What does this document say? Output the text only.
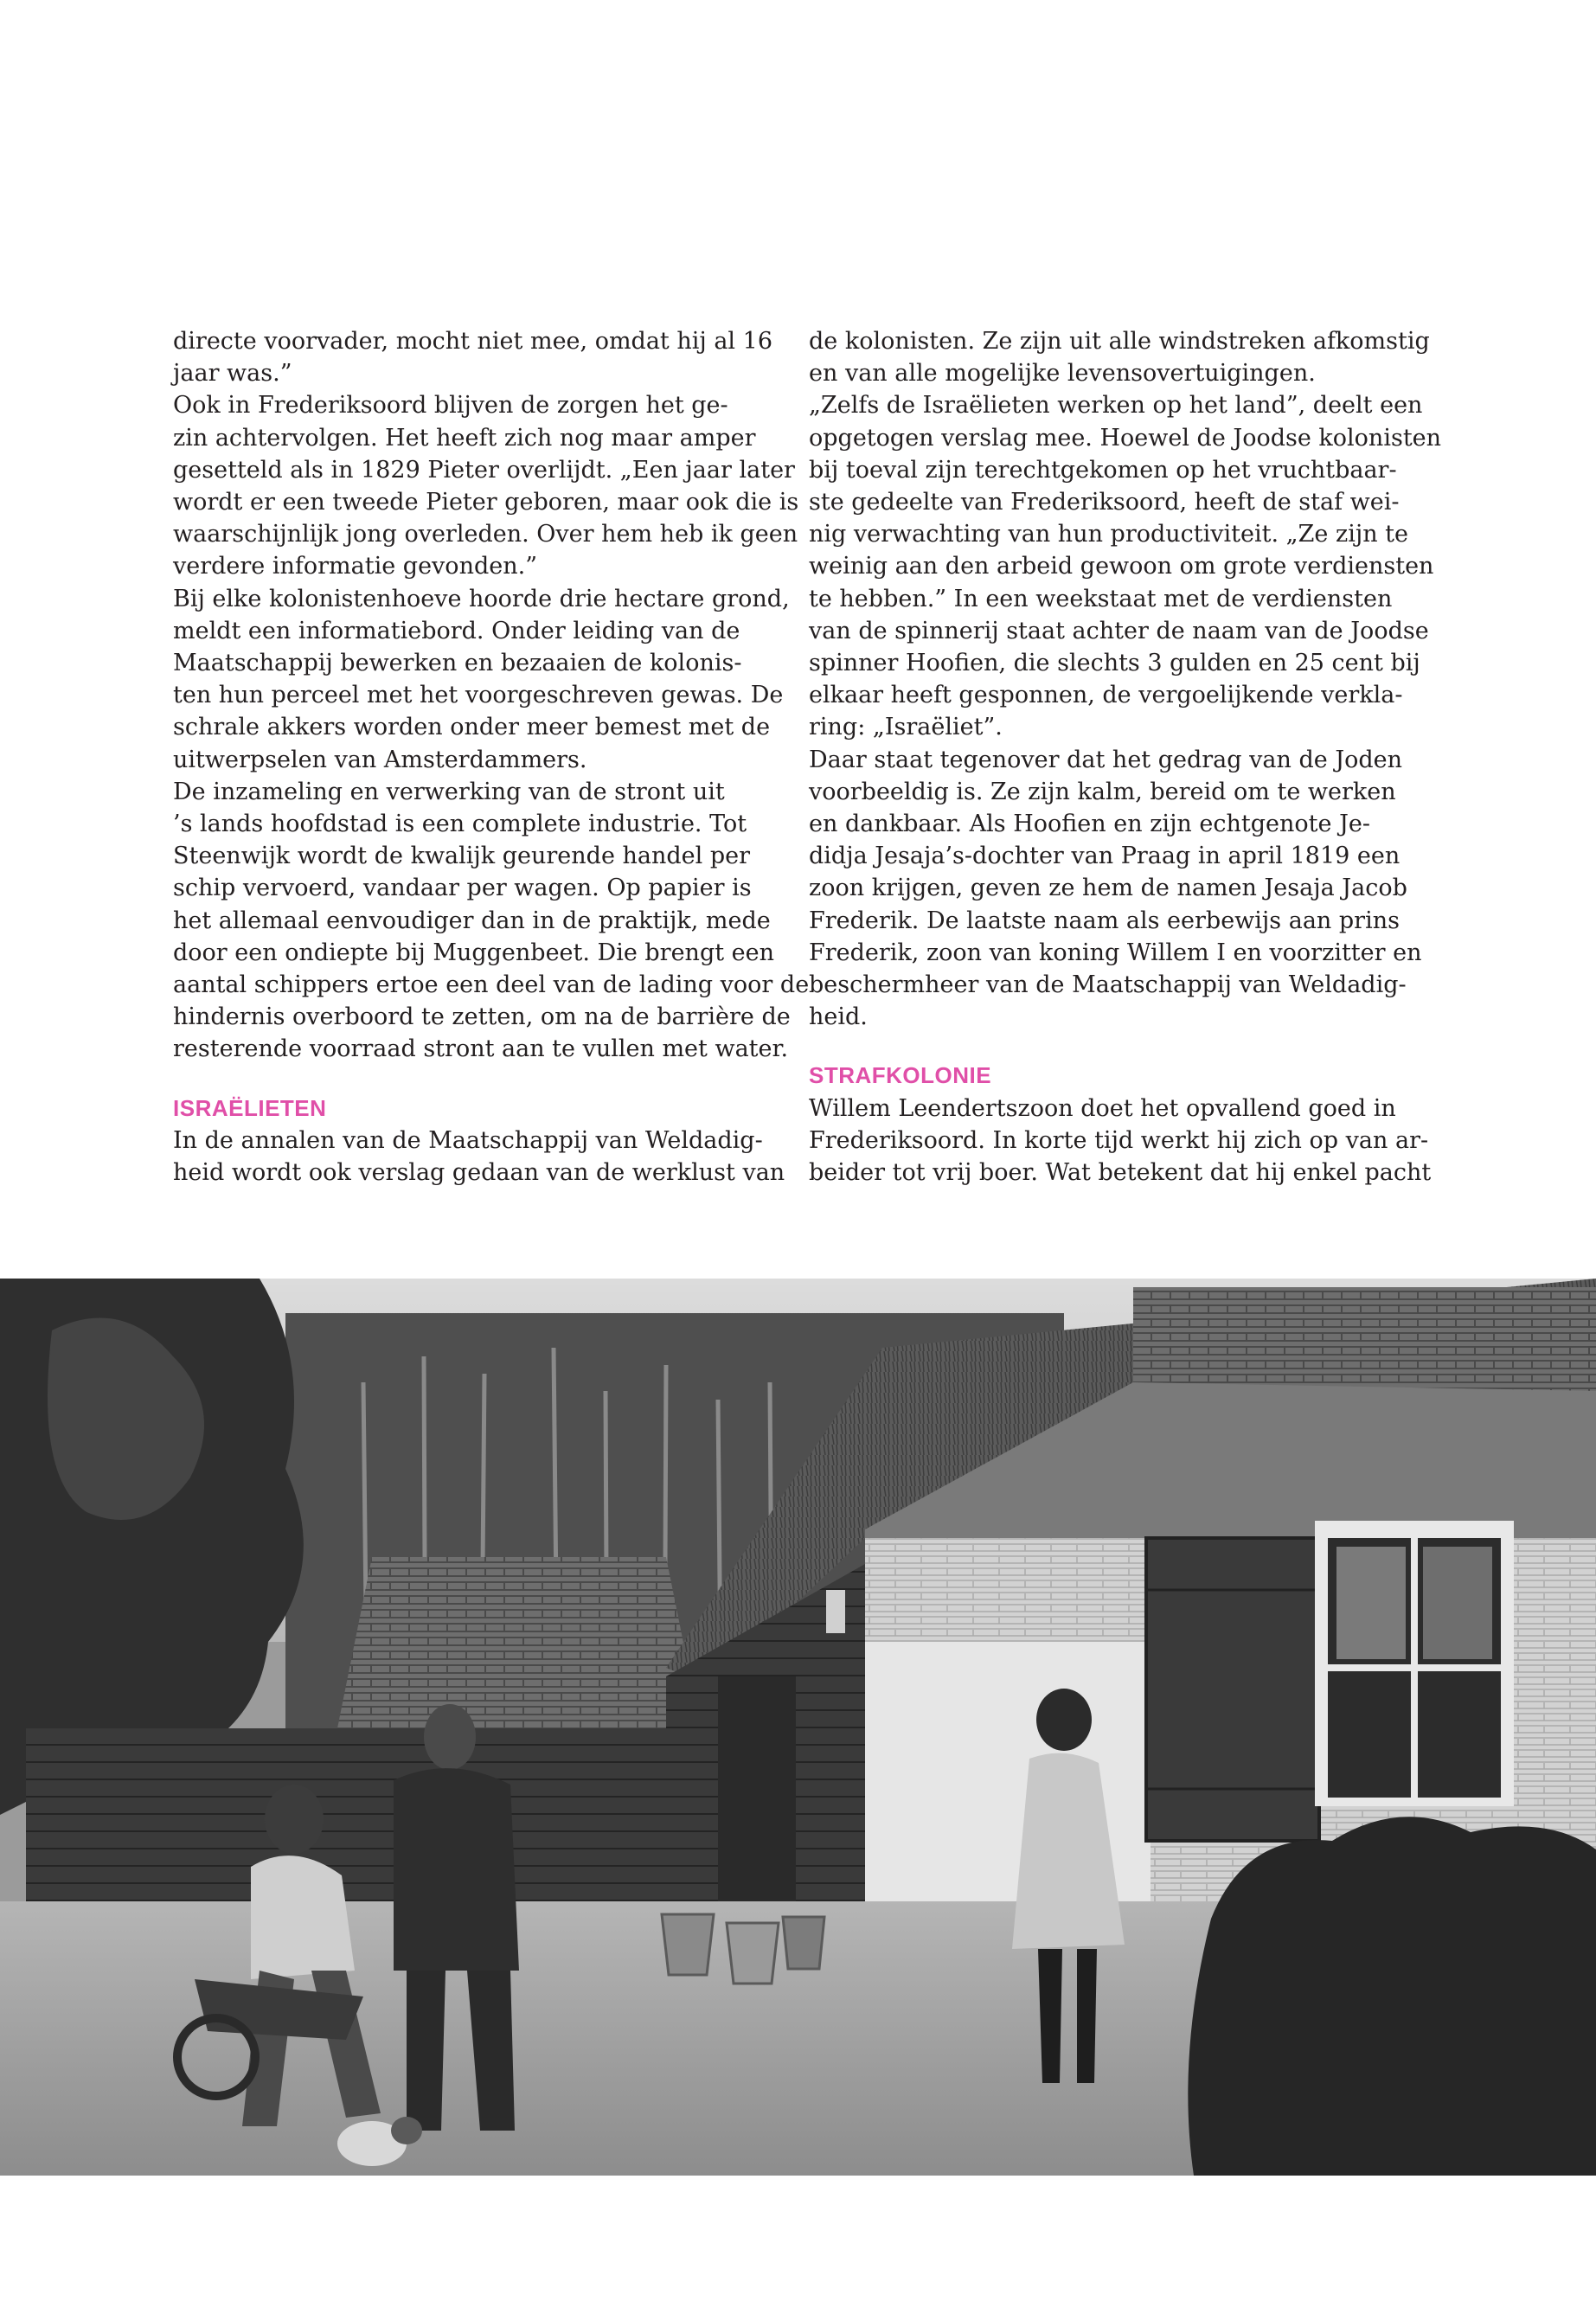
directe voorvader, mocht niet mee, omdat hij al 16
jaar was.”
Ook in Frederiksoord blijven de zorgen het ge-
zin achtervolgen. Het heeft zich nog maar amper
gesetteld als in 1829 Pieter overlijdt. „Een jaar later
wordt er een tweede Pieter geboren, maar ook die is
waarschijnlijk jong overleden. Over hem heb ik geen
verdere informatie gevonden.”
Bij elke kolonistenhoeve hoorde drie hectare grond,
meldt een informatiebord. Onder leiding van de
Maatschappij bewerken en bezaaien de kolonis-
ten hun perceel met het voorgeschreven gewas. De
schrale akkers worden onder meer bemest met de
uitwerpselen van Amsterdammers.
De inzameling en verwerking van de stront uit
’s lands hoofdstad is een complete industrie. Tot
Steenwijk wordt de kwalijk geurende handel per
schip vervoerd, vandaar per wagen. Op papier is
het allemaal eenvoudiger dan in de praktijk, mede
door een ondiepte bij Muggenbeet. Die brengt een
aantal schippers ertoe een deel van de lading voor de
hindernis overboord te zetten, om na de barrière de
resterende voorraad stront aan te vullen met water.
ISRAËLIETEN
In de annalen van de Maatschappij van Weldadig-
heid wordt ook verslag gedaan van de werklust van
de kolonisten. Ze zijn uit alle windstreken afkomstig
en van alle mogelijke levensovertuigingen.
„Zelfs de Israëlieten werken op het land”, deelt een
opgetogen verslag mee. Hoewel de Joodse kolonisten
bij toeval zijn terechtgekomen op het vruchtbaar-
ste gedeelte van Frederiksoord, heeft de staf wei-
nig verwachting van hun productiviteit. „Ze zijn te
weinig aan den arbeid gewoon om grote verdiensten
te hebben.” In een weekstaat met de verdiensten
van de spinnerij staat achter de naam van de Joodse
spinner Hoofien, die slechts 3 gulden en 25 cent bij
elkaar heeft gesponnen, de vergoelijkende verkla-
ring: „Israëliet”.
Daar staat tegenover dat het gedrag van de Joden
voorbeeldig is. Ze zijn kalm, bereid om te werken
en dankbaar. Als Hoofien en zijn echtgenote Je-
didja Jesaja’s-dochter van Praag in april 1819 een
zoon krijgen, geven ze hem de namen Jesaja Jacob
Frederik. De laatste naam als eerbewijs aan prins
Frederik, zoon van koning Willem I en voorzitter en
beschermheer van de Maatschappij van Weldadig-
heid.
STRAFKOLONIE
Willem Leendertszoon doet het opvallend goed in
Frederiksoord. In korte tijd werkt hij zich op van ar-
beider tot vrij boer. Wat betekent dat hij enkel pacht
